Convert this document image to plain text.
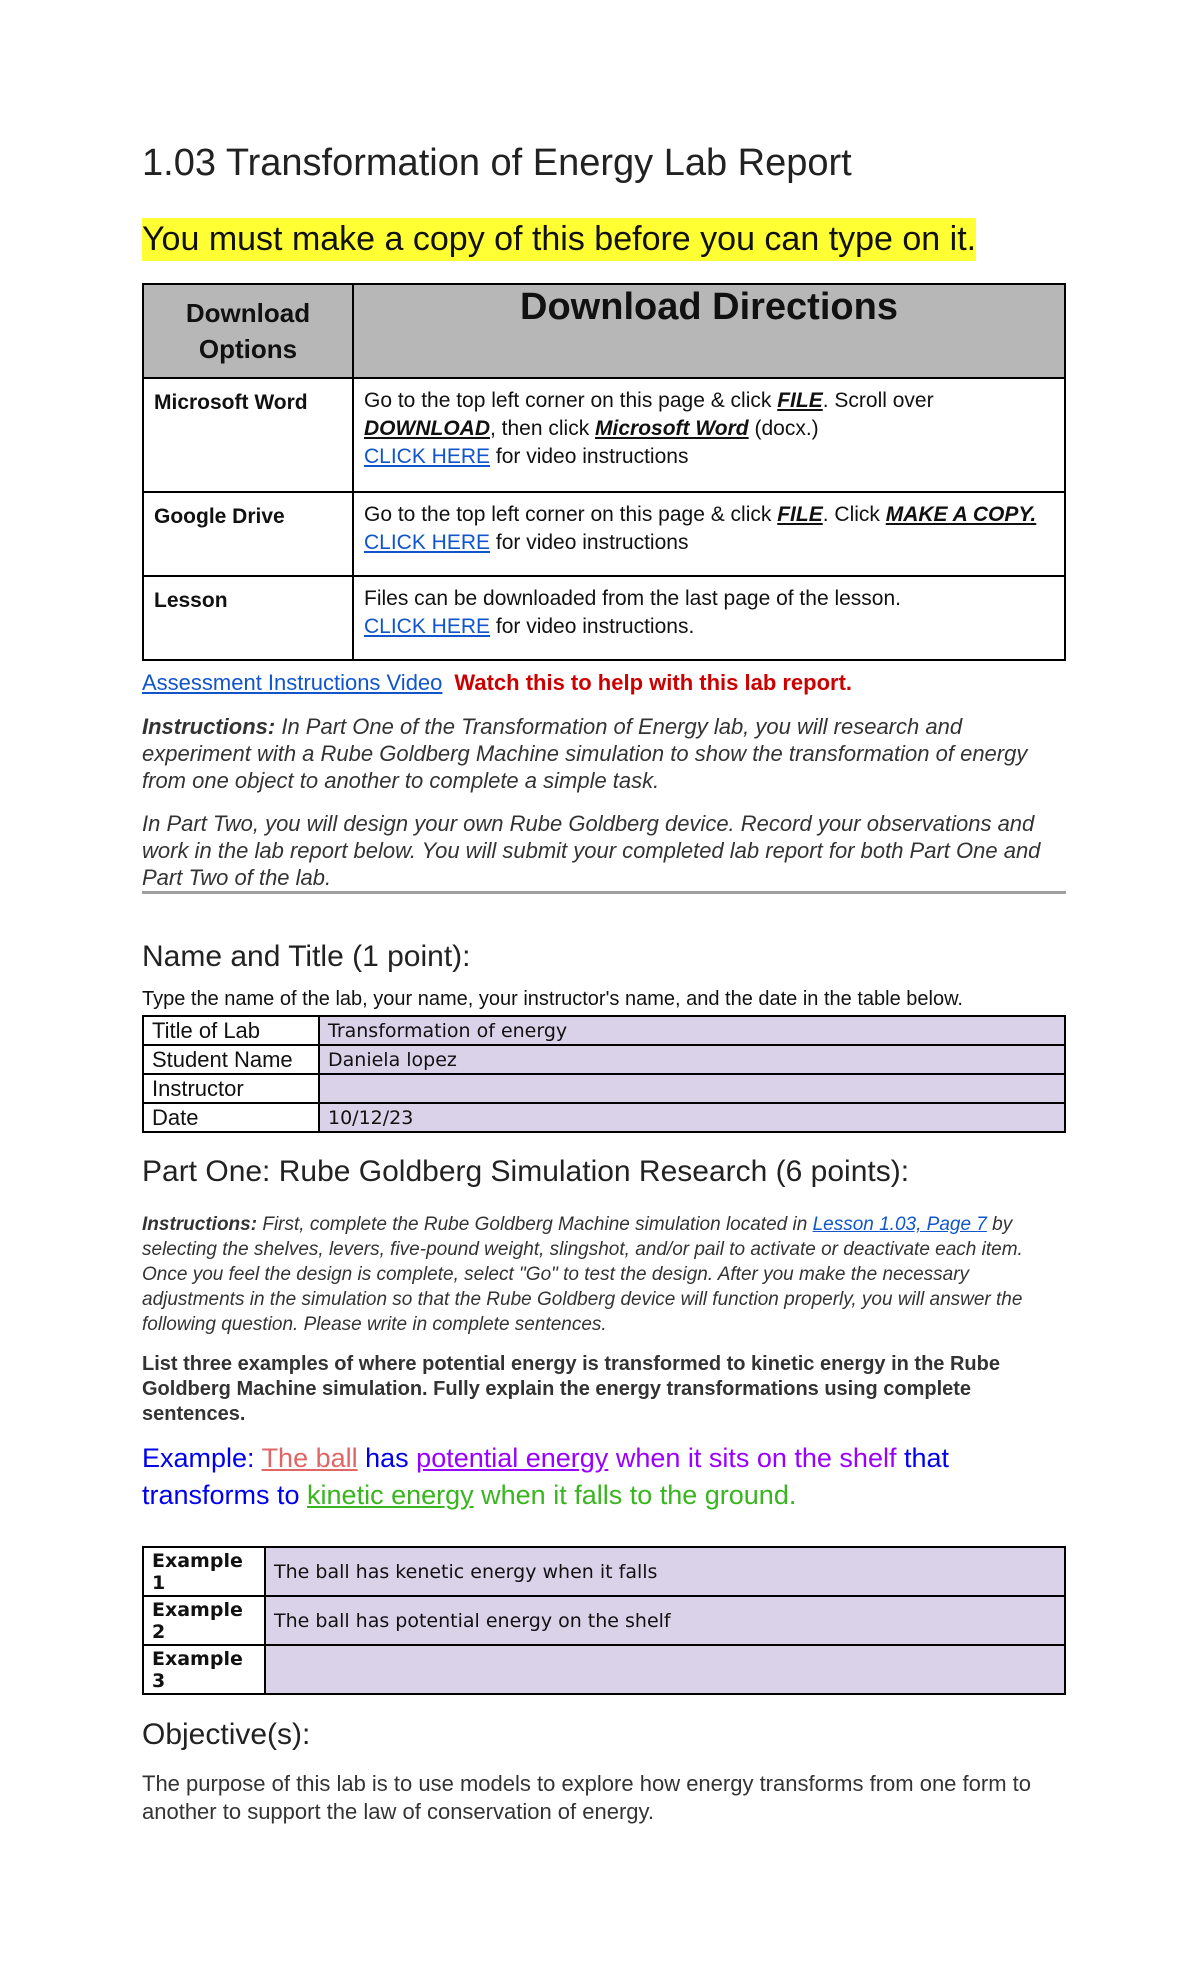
1.03 Transformation of Energy Lab Report
You must make a copy of this before you can type on it.
Download Options	Download Directions
Microsoft Word	Go to the top left corner on this page & click FILE. Scroll over DOWNLOAD, then click Microsoft Word (docx.)
CLICK HERE for video instructions
Google Drive	Go to the top left corner on this page & click FILE. Click MAKE A COPY. CLICK HERE for video instructions
Lesson	Files can be downloaded from the last page of the lesson.
CLICK HERE for video instructions.
Assessment Instructions Video Watch this to help with this lab report.

Instructions: In Part One of the Transformation of Energy lab, you will research and experiment with a Rube Goldberg Machine simulation to show the transformation of energy from one object to another to complete a simple task.

In Part Two, you will design your own Rube Goldberg device. Record your observations and work in the lab report below. You will submit your completed lab report for both Part One and Part Two of the lab.

Name and Title (1 point):

Type the name of the lab, your name, your instructor's name, and the date in the table below.

Title of Lab	Transformation of energy
Student Name	Daniela lopez
Instructor	
Date	10/12/23
Part One: Rube Goldberg Simulation Research (6 points):

Instructions: First, complete the Rube Goldberg Machine simulation located in Lesson 1.03, Page 7 by selecting the shelves, levers, five-pound weight, slingshot, and/or pail to activate or deactivate each item. Once you feel the design is complete, select "Go" to test the design. After you make the necessary adjustments in the simulation so that the Rube Goldberg device will function properly, you will answer the following question. Please write in complete sentences.

List three examples of where potential energy is transformed to kinetic energy in the Rube Goldberg Machine simulation. Fully explain the energy transformations using complete sentences.

Example: The ball has potential energy when it sits on the shelf that transforms to kinetic energy when it falls to the ground.

Example 1	The ball has kenetic energy when it falls
Example 2	The ball has potential energy on the shelf
Example 3	
Objective(s):

The purpose of this lab is to use models to explore how energy transforms from one form to another to support the law of conservation of energy.
